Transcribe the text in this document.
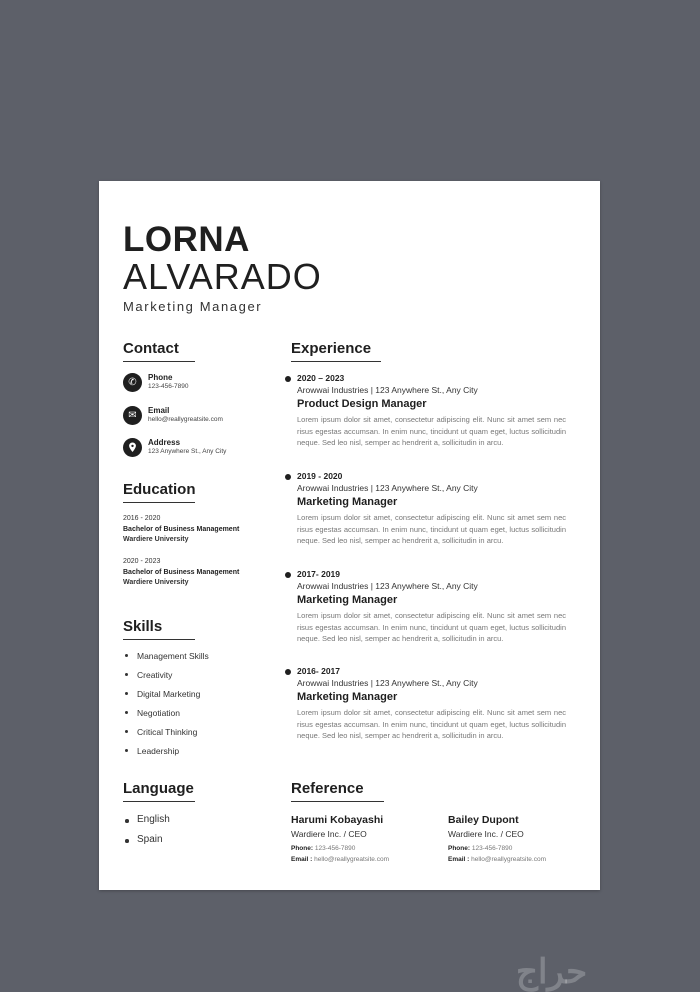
LORNA
ALVARADO
Marketing Manager
Contact
✆	Phone
123-456-7890
✉	Email
hello@reallygreatsite.com
Address
123 Anywhere St., Any City
Education
2016 - 2020
Bachelor of Business Management
Wardiere University
2020 - 2023
Bachelor of Business Management
Wardiere University
Skills
Management Skills
Creativity
Digital Marketing
Negotiation
Critical Thinking
Leadership
Language
English
Spain
Experience
2020 – 2023
Arowwai Industries | 123 Anywhere St., Any City
Product Design Manager
Lorem ipsum dolor sit amet, consectetur adipiscing elit. Nunc sit amet sem nec risus egestas accumsan. In enim nunc, tincidunt ut quam eget, luctus sollicitudin neque. Sed leo nisl, semper ac hendrerit a, sollicitudin in arcu.
2019 - 2020
Arowwai Industries | 123 Anywhere St., Any City
Marketing Manager
Lorem ipsum dolor sit amet, consectetur adipiscing elit. Nunc sit amet sem nec risus egestas accumsan. In enim nunc, tincidunt ut quam eget, luctus sollicitudin neque. Sed leo nisl, semper ac hendrerit a, sollicitudin in arcu.
2017- 2019
Arowwai Industries | 123 Anywhere St., Any City
Marketing Manager
Lorem ipsum dolor sit amet, consectetur adipiscing elit. Nunc sit amet sem nec risus egestas accumsan. In enim nunc, tincidunt ut quam eget, luctus sollicitudin neque. Sed leo nisl, semper ac hendrerit a, sollicitudin in arcu.
2016- 2017
Arowwai Industries | 123 Anywhere St., Any City
Marketing Manager
Lorem ipsum dolor sit amet, consectetur adipiscing elit. Nunc sit amet sem nec risus egestas accumsan. In enim nunc, tincidunt ut quam eget, luctus sollicitudin neque. Sed leo nisl, semper ac hendrerit a, sollicitudin in arcu.
Reference
Harumi Kobayashi
Wardiere Inc. / CEO
Phone: 123-456-7890
Email : hello@reallygreatsite.com
Bailey Dupont
Wardiere Inc. / CEO
Phone: 123-456-7890
Email : hello@reallygreatsite.com
حراج
